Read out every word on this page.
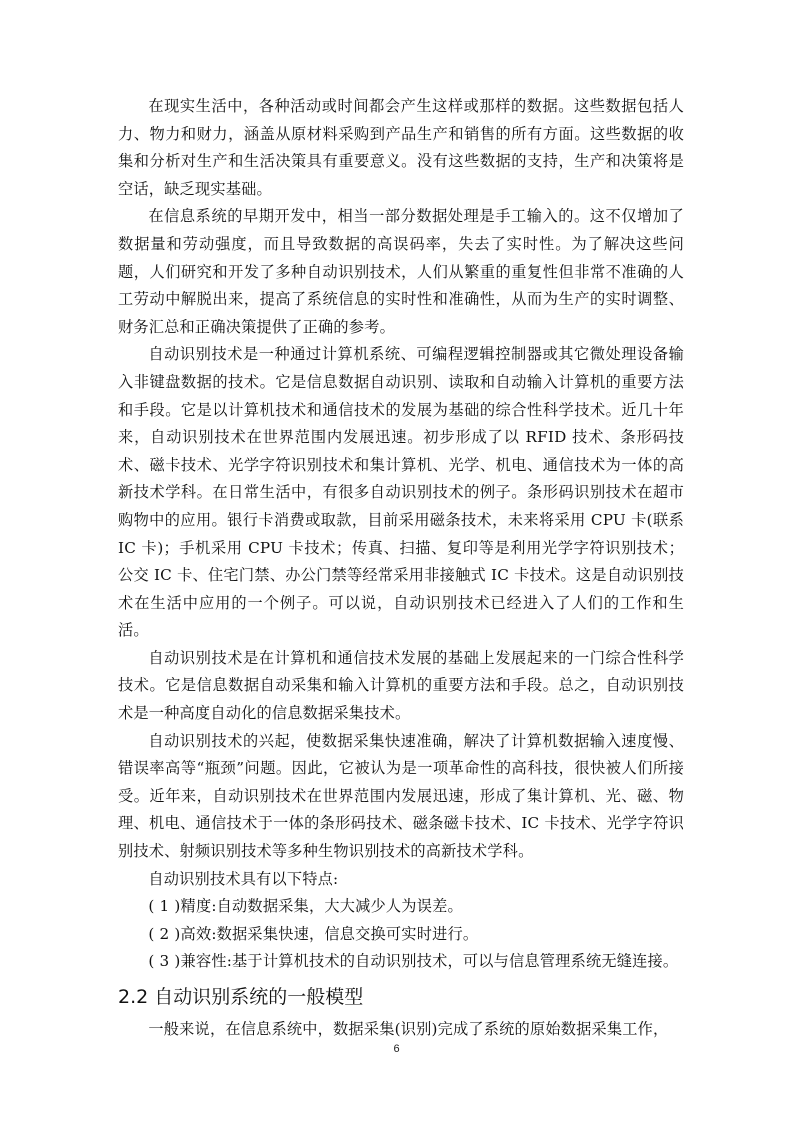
在现实生活中，各种活动或时间都会产生这样或那样的数据。这些数据包括人力、物力和财力，涵盖从原材料采购到产品生产和销售的所有方面。这些数据的收集和分析对生产和生活决策具有重要意义。没有这些数据的支持，生产和决策将是空话，缺乏现实基础。

在信息系统的早期开发中，相当一部分数据处理是手工输入的。这不仅增加了数据量和劳动强度，而且导致数据的高误码率，失去了实时性。为了解决这些问题，人们研究和开发了多种自动识别技术，人们从繁重的重复性但非常不准确的人工劳动中解脱出来，提高了系统信息的实时性和准确性，从而为生产的实时调整、财务汇总和正确决策提供了正确的参考。

自动识别技术是一种通过计算机系统、可编程逻辑控制器或其它微处理设备输入非键盘数据的技术。它是信息数据自动识别、读取和自动输入计算机的重要方法和手段。它是以计算机技术和通信技术的发展为基础的综合性科学技术。近几十年来，自动识别技术在世界范围内发展迅速。初步形成了以 RFID 技术、条形码技术、磁卡技术、光学字符识别技术和集计算机、光学、机电、通信技术为一体的高新技术学科。在日常生活中，有很多自动识别技术的例子。条形码识别技术在超市购物中的应用。银行卡消费或取款，目前采用磁条技术，未来将采用 CPU 卡(联系 IC 卡)；手机采用 CPU 卡技术；传真、扫描、复印等是利用光学字符识别技术；公交 IC 卡、住宅门禁、办公门禁等经常采用非接触式 IC 卡技术。这是自动识别技术在生活中应用的一个例子。可以说，自动识别技术已经进入了人们的工作和生活。

自动识别技术是在计算机和通信技术发展的基础上发展起来的一门综合性科学技术。它是信息数据自动采集和输入计算机的重要方法和手段。总之，自动识别技术是一种高度自动化的信息数据采集技术。

自动识别技术的兴起，使数据采集快速准确，解决了计算机数据输入速度慢、错误率高等“瓶颈”问题。因此，它被认为是一项革命性的高科技，很快被人们所接受。近年来，自动识别技术在世界范围内发展迅速，形成了集计算机、光、磁、物理、机电、通信技术于一体的条形码技术、磁条磁卡技术、IC 卡技术、光学字符识别技术、射频识别技术等多种生物识别技术的高新技术学科。

自动识别技术具有以下特点:

( 1 )精度:自动数据采集，大大减少人为误差。

( 2 )高效:数据采集快速，信息交换可实时进行。

( 3 )兼容性:基于计算机技术的自动识别技术，可以与信息管理系统无缝连接。

2.2 自动识别系统的一般模型

一般来说，在信息系统中，数据采集(识别)完成了系统的原始数据采集工作，

6
